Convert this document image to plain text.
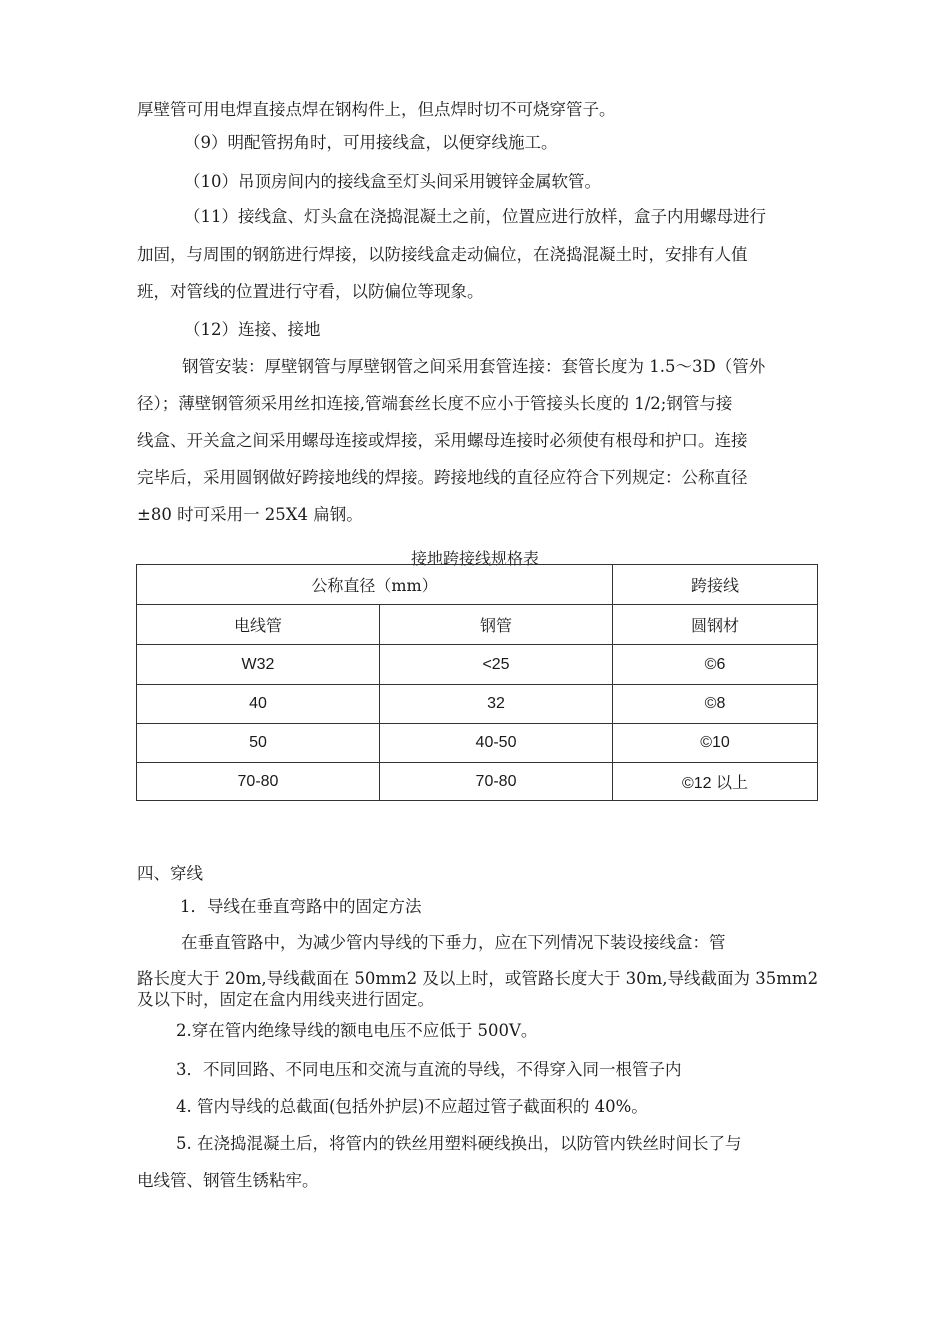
厚壁管可用电焊直接点焊在钢构件上，但点焊时切不可烧穿管子。
（9）明配管拐角时，可用接线盒，以便穿线施工。
（10）吊顶房间内的接线盒至灯头间采用镀锌金属软管。
（11）接线盒、灯头盒在浇捣混凝土之前，位置应进行放样，盒子内用螺母进行
加固，与周围的钢筋进行焊接，以防接线盒走动偏位，在浇捣混凝土时，安排有人值
班，对管线的位置进行守看，以防偏位等现象。
（12）连接、接地
钢管安装：厚壁钢管与厚壁钢管之间采用套管连接：套管长度为 1.5〜3D（管外
径）；薄壁钢管须采用丝扣连接,管端套丝长度不应小于管接头长度的 1/2;钢管与接
线盒、开关盒之间采用螺母连接或焊接，采用螺母连接时必须使有根母和护口。连接
完毕后，采用圆钢做好跨接地线的焊接。跨接地线的直径应符合下列规定：公称直径
±80 时可采用一 25X4 扁钢。
接地跨接线规格表
公称直径（mm）		跨接线
电线管	钢管	圆钢材
W32	<25	©6
40	32	©8
50	40-50	©10
70-80	70-80	©12 以上
四、穿线
1．导线在垂直弯路中的固定方法
在垂直管路中，为减少管内导线的下垂力，应在下列情况下装设接线盒：管
路长度大于 20m,导线截面在 50mm2 及以上时，或管路长度大于 30m,导线截面为 35mm2
及以下时，固定在盒内用线夹进行固定。
2.穿在管内绝缘导线的额电电压不应低于 500V。
3．不同回路、不同电压和交流与直流的导线，不得穿入同一根管子内
4. 管内导线的总截面(包括外护层)不应超过管子截面积的 40%。
5. 在浇捣混凝土后，将管内的铁丝用塑料硬线换出，以防管内铁丝时间长了与
电线管、钢管生锈粘牢。
